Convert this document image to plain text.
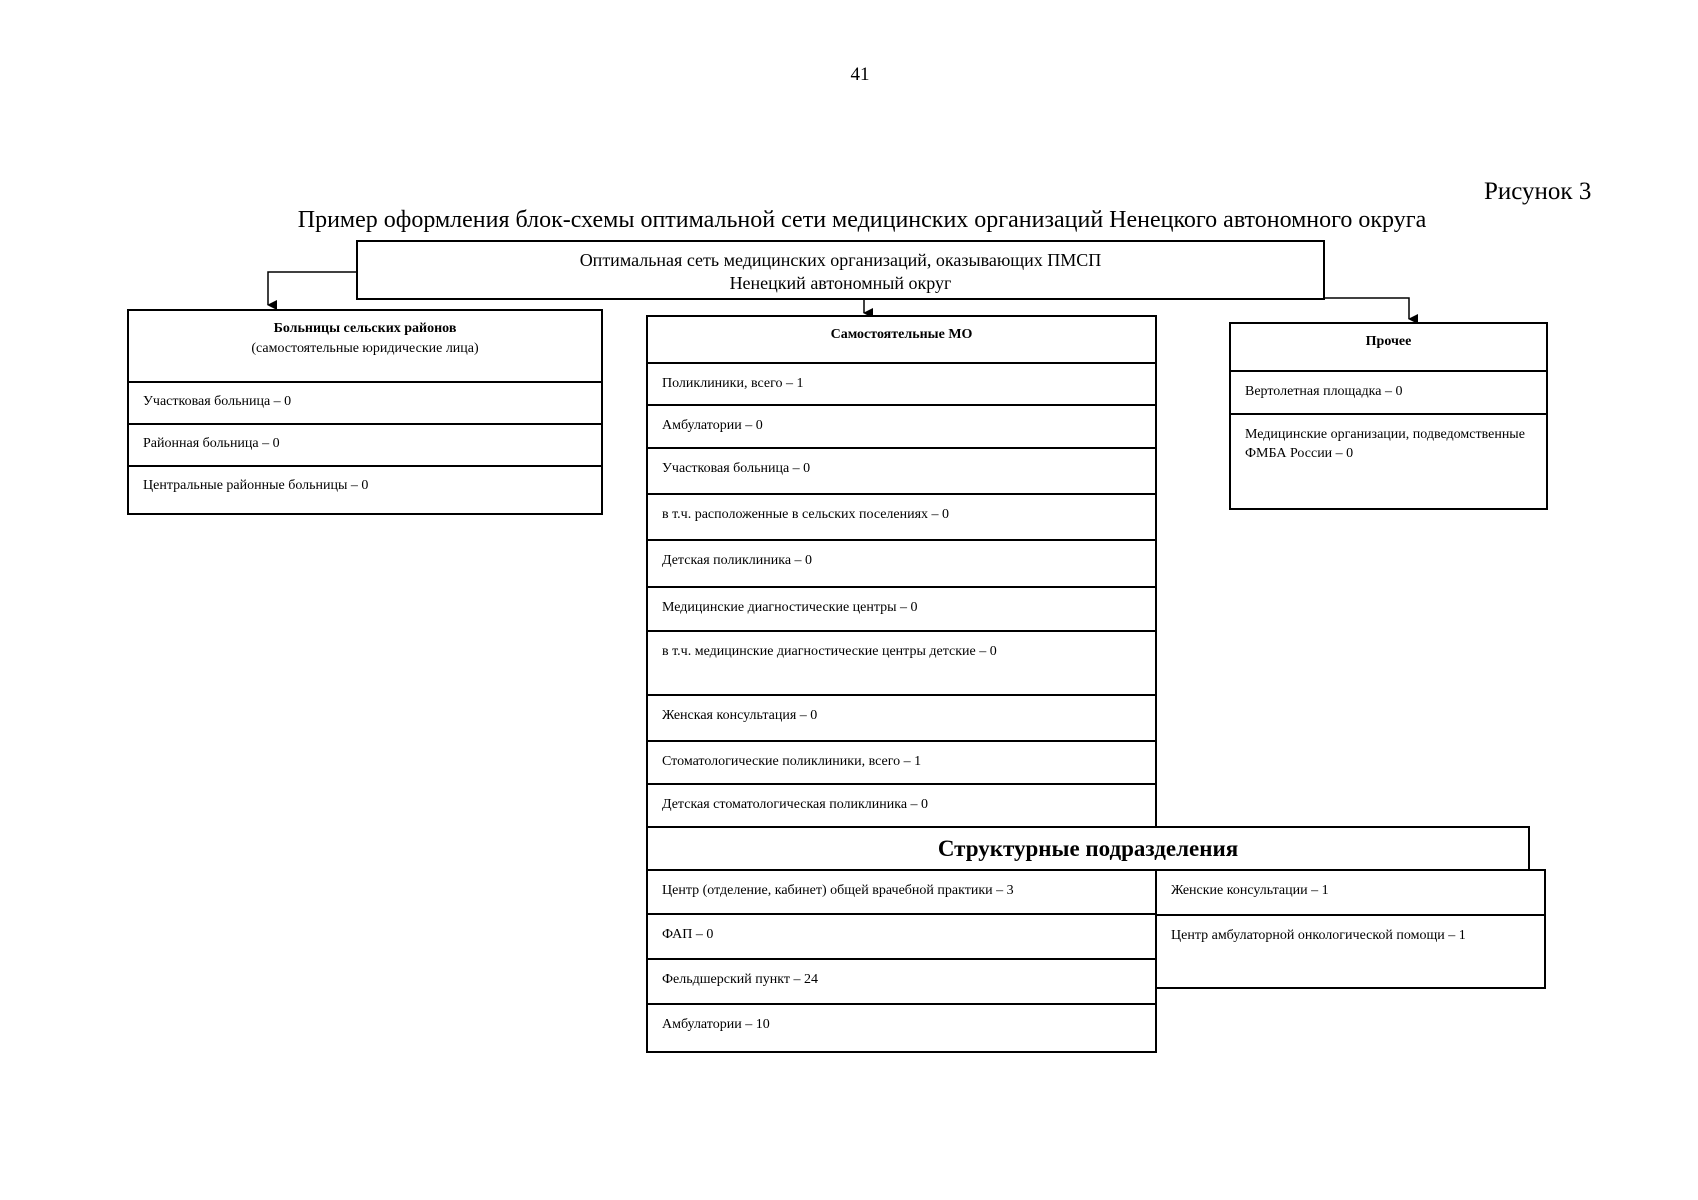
41
Рисунок 3
Пример оформления блок-схемы оптимальной сети медицинских организаций Ненецкого автономного округа
Оптимальная сеть медицинских организаций, оказывающих ПМСП
Ненецкий автономный округ
Больницы сельских районов
(самостоятельные юридические лица)
Участковая больница – 0
Районная больница – 0
Центральные районные больницы – 0
Самостоятельные МО
Поликлиники, всего – 1
Амбулатории – 0
Участковая больница – 0
в т.ч. расположенные в сельских поселениях – 0
Детская поликлиника – 0
Медицинские диагностические центры – 0
в т.ч. медицинские диагностические центры детские – 0
Женская консультация – 0
Стоматологические поликлиники, всего – 1
Детская стоматологическая поликлиника – 0
Прочее
Вертолетная площадка – 0
Медицинские организации, подведомственные ФМБА России – 0
Структурные подразделения
Центр (отделение, кабинет) общей врачебной практики – 3
ФАП – 0
Фельдшерский пункт – 24
Амбулатории – 10
Женские консультации – 1
Центр амбулаторной онкологической помощи – 1
